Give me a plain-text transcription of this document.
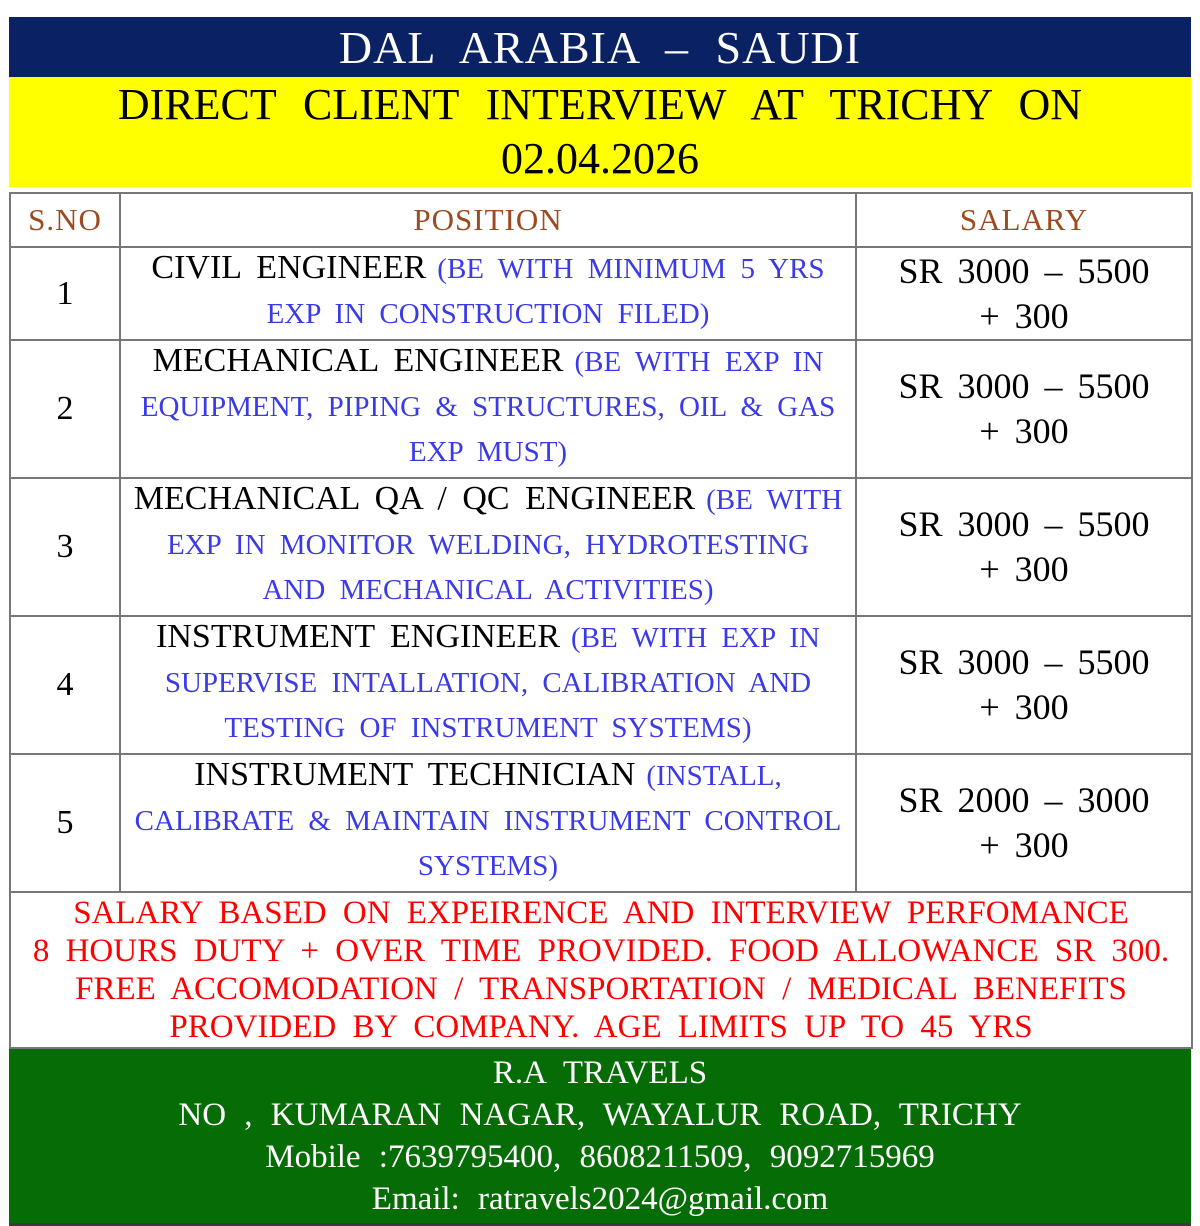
DAL ARABIA – SAUDI
DIRECT CLIENT INTERVIEW AT TRICHY ON
02.04.2026
S.NO	POSITION	SALARY
1	CIVIL ENGINEER (BE WITH MINIMUM 5 YRS EXP IN CONSTRUCTION FILED)	SR 3000 – 5500
+ 300

2	MECHANICAL ENGINEER (BE WITH EXP IN EQUIPMENT, PIPING & STRUCTURES, OIL & GAS EXP MUST)	SR 3000 – 5500
+ 300

3	MECHANICAL QA / QC ENGINEER (BE WITH EXP IN MONITOR WELDING, HYDROTESTING AND MECHANICAL ACTIVITIES)	SR 3000 – 5500
+ 300

4	INSTRUMENT ENGINEER (BE WITH EXP IN SUPERVISE INTALLATION, CALIBRATION AND TESTING OF INSTRUMENT SYSTEMS)	SR 3000 – 5500
+ 300

5	INSTRUMENT TECHNICIAN (INSTALL, CALIBRATE & MAINTAIN INSTRUMENT CONTROL SYSTEMS)	SR 2000 – 3000
+ 300

SALARY BASED ON EXPEIRENCE AND INTERVIEW PERFOMANCE
8 HOURS DUTY + OVER TIME PROVIDED. FOOD ALLOWANCE SR 300.
FREE ACCOMODATION / TRANSPORTATION / MEDICAL BENEFITS
PROVIDED BY COMPANY. AGE LIMITS UP TO 45 YRS		
R.A TRAVELS
NO , KUMARAN NAGAR, WAYALUR ROAD, TRICHY
Mobile :7639795400, 8608211509, 9092715969
Email: ratravels2024@gmail.com
